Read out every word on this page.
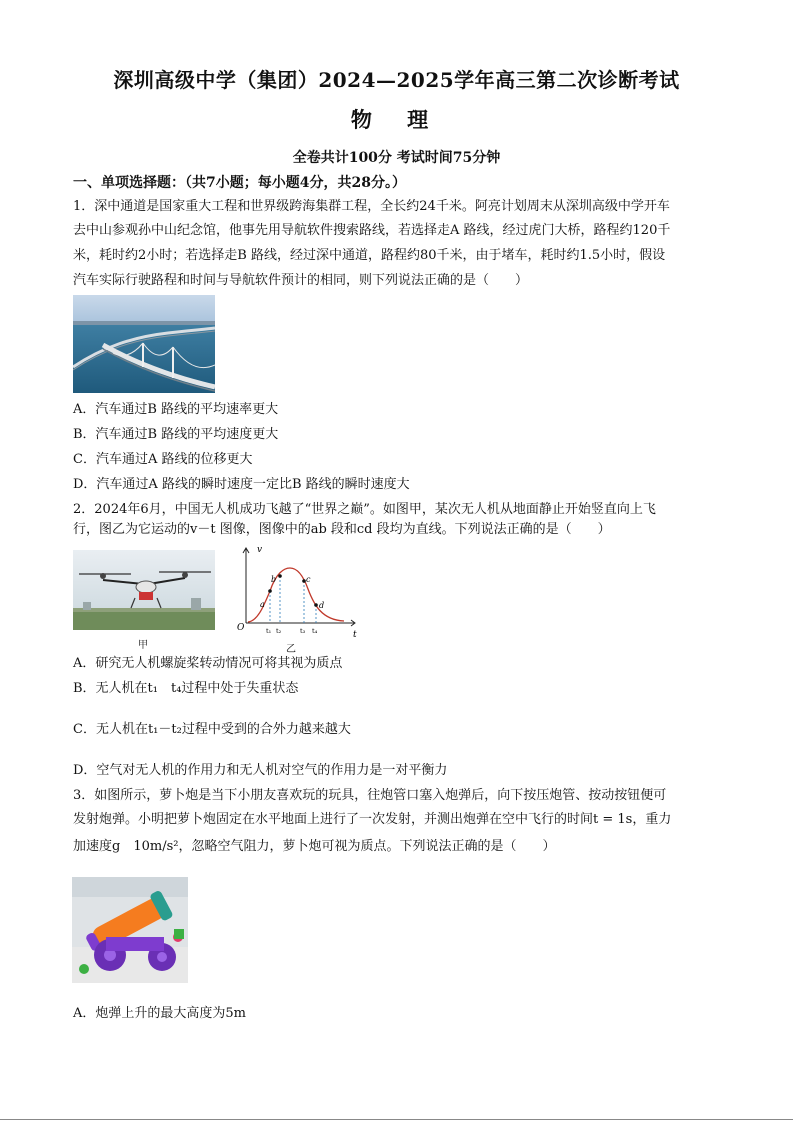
深圳高级中学（集团）2024—2025学年高三第二次诊断考试
物 理
全卷共计100分 考试时间75分钟
一、单项选择题：（共7小题；每小题4分，共28分。）
1．深中通道是国家重大工程和世界级跨海集群工程，全长约24千米。阿亮计划周末从深圳高级中学开车
去中山参观孙中山纪念馆，他事先用导航软件搜索路线，若选择走A 路线，经过虎门大桥，路程约120千
米，耗时约2小时；若选择走B 路线，经过深中通道，路程约80千米，由于堵车，耗时约1.5小时，假设
汽车实际行驶路程和时间与导航软件预计的相同，则下列说法正确的是（　　）
A．汽车通过B 路线的平均速率更大
B．汽车通过B 路线的平均速度更大
C．汽车通过A 路线的位移更大
D．汽车通过A 路线的瞬时速度一定比B 路线的瞬时速度大
2．2024年6月，中国无人机成功飞越了“世界之巅”。如图甲，某次无人机从地面静止开始竖直向上飞
行，图乙为它运动的v－t 图像，图像中的ab 段和cd 段均为直线。下列说法正确的是（　　）
甲
v
t
O
a
b	c
d
t₁ t₂	t₃ t₄
乙
A．研究无人机螺旋桨转动情况可将其视为质点
B．无人机在t₁　t₄过程中处于失重状态
C．无人机在t₁－t₂过程中受到的合外力越来越大
D．空气对无人机的作用力和无人机对空气的作用力是一对平衡力
3．如图所示，萝卜炮是当下小朋友喜欢玩的玩具，往炮管口塞入炮弹后，向下按压炮管、按动按钮便可
发射炮弹。小明把萝卜炮固定在水平地面上进行了一次发射，并测出炮弹在空中飞行的时间t = 1s，重力
加速度g　10m/s²，忽略空气阻力，萝卜炮可视为质点。下列说法正确的是（　　）
A．炮弹上升的最大高度为5m
